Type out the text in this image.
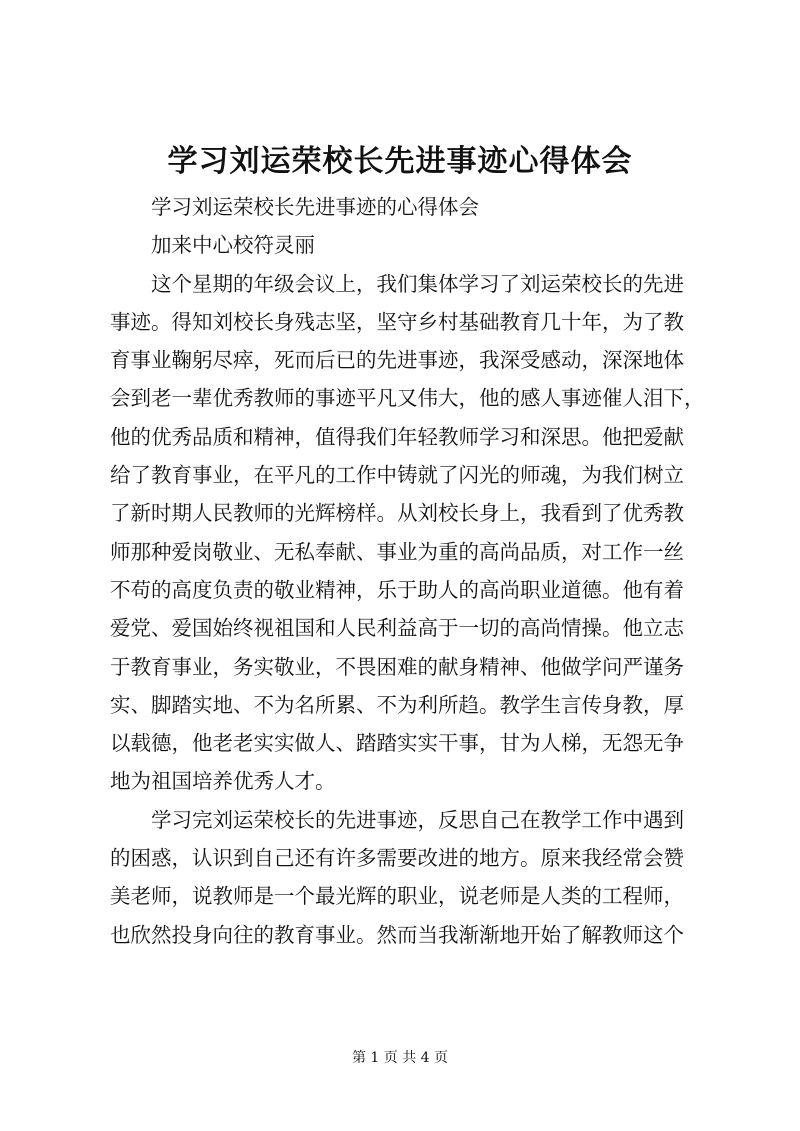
学习刘运荣校长先进事迹心得体会
学习刘运荣校长先进事迹的心得体会
加来中心校符灵丽
这个星期的年级会议上，我们集体学习了刘运荣校长的先进
事迹。得知刘校长身残志坚，坚守乡村基础教育几十年，为了教
育事业鞠躬尽瘁，死而后已的先进事迹，我深受感动，深深地体
会到老一辈优秀教师的事迹平凡又伟大，他的感人事迹催人泪下，
他的优秀品质和精神，值得我们年轻教师学习和深思。他把爱献
给了教育事业，在平凡的工作中铸就了闪光的师魂，为我们树立
了新时期人民教师的光辉榜样。从刘校长身上，我看到了优秀教
师那种爱岗敬业、无私奉献、事业为重的高尚品质，对工作一丝
不苟的高度负责的敬业精神，乐于助人的高尚职业道德。他有着
爱党、爱国始终视祖国和人民利益高于一切的高尚情操。他立志
于教育事业，务实敬业，不畏困难的献身精神、他做学问严谨务
实、脚踏实地、不为名所累、不为利所趋。教学生言传身教，厚
以载德，他老老实实做人、踏踏实实干事，甘为人梯，无怨无争
地为祖国培养优秀人才。
学习完刘运荣校长的先进事迹，反思自己在教学工作中遇到
的困惑，认识到自己还有许多需要改进的地方。原来我经常会赞
美老师，说教师是一个最光辉的职业，说老师是人类的工程师，
也欣然投身向往的教育事业。然而当我渐渐地开始了解教师这个
第 1 页 共 4 页
